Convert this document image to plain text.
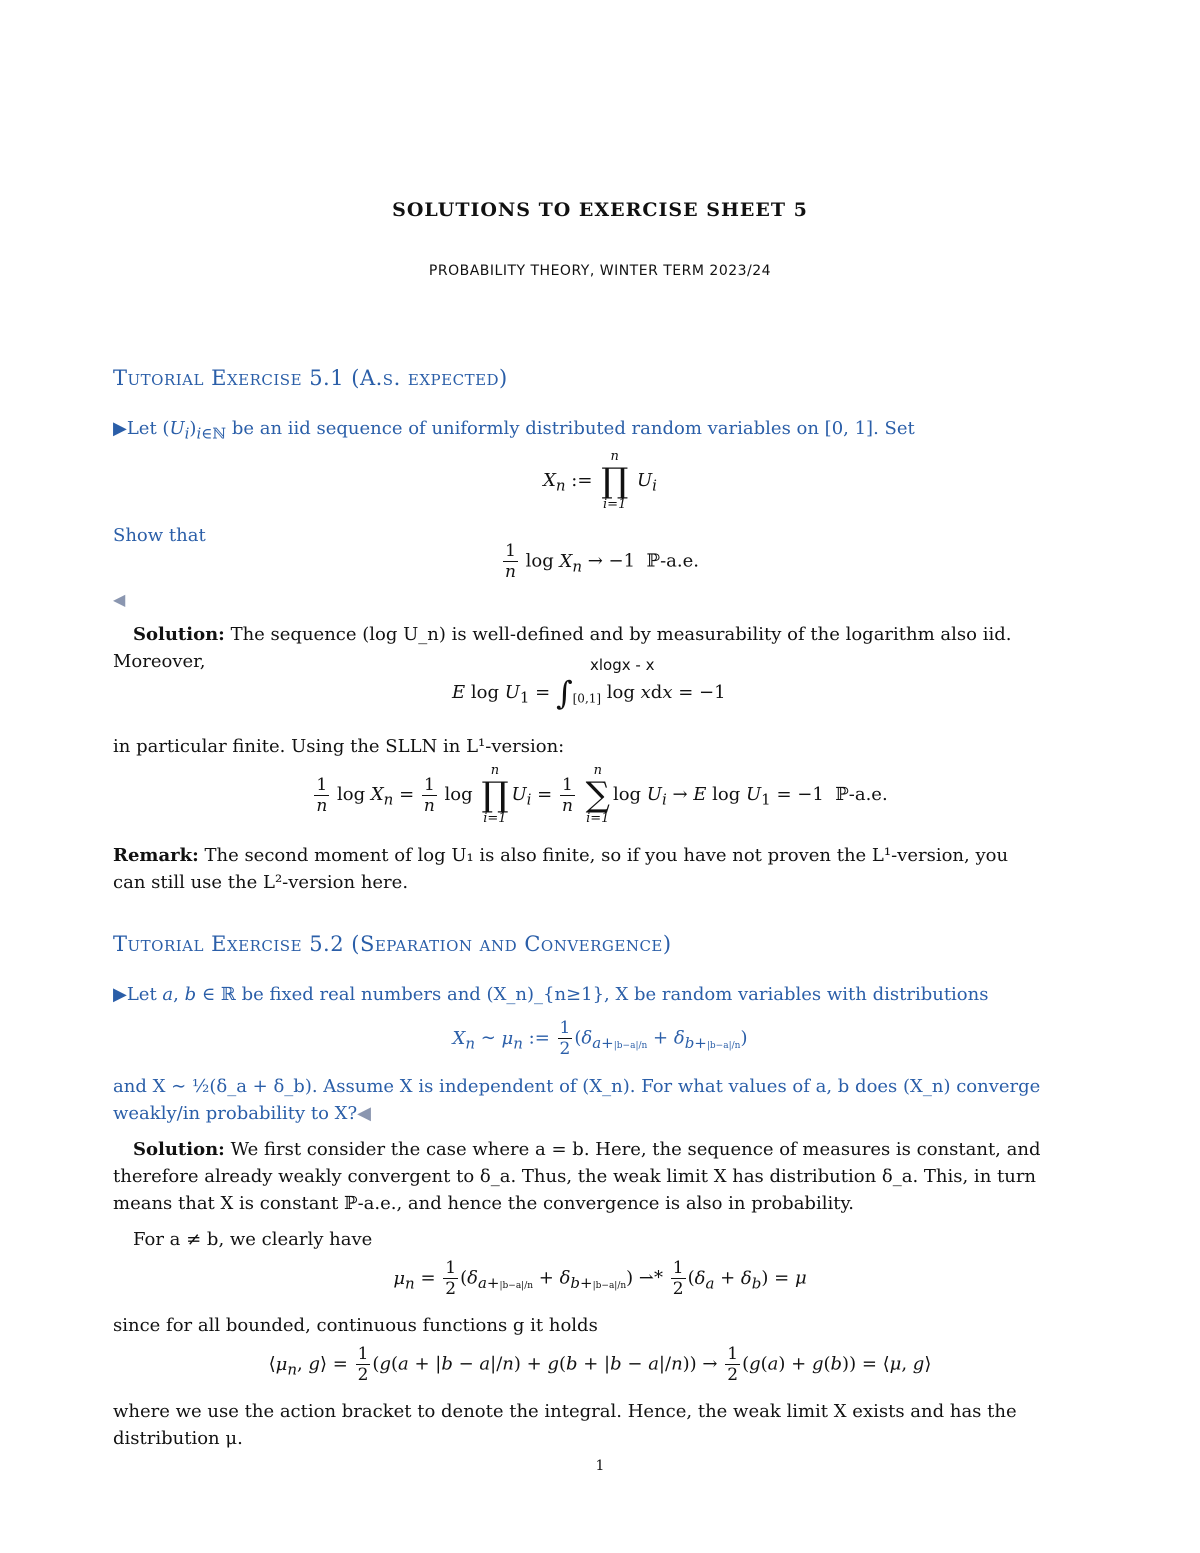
SOLUTIONS TO EXERCISE SHEET 5
PROBABILITY THEORY, WINTER TERM 2023/24
Tutorial Exercise 5.1 (A.s. expected)
▶Let $(U_i)_{i\in ℕ}$ be an iid sequence of uniformly distributed random variables on [0, 1]. Set
$X_n$ :=
n
∏
i=1
$U_i$
Show that
$\frac{1}{n}$ $\log X_n \to -1$  ℙ-a.e.
◀
Solution: The sequence (log U_n) is well-defined and by measurability of the logarithm also iid.
Moreover,	xlogx - x
E $\log U_1 = \int_{[0,1]}$ log xdx = −1
in particular finite. Using the SLLN in L¹-version:
$\frac{1}{n}$ $\log X_n = \frac{1}{n}$ log
n
∏
i=1
$U_i = \frac{1}{n}$

n
∑
i=1
$\log U_i \to E$ $\log U_1 = -1$  ℙ-a.e.
Remark: The second moment of log U₁ is also finite, so if you have not proven the L¹-version, you
can still use the L²-version here.
Tutorial Exercise 5.2 (Separation and Convergence)
▶Let a, b ∈ ℝ be fixed real numbers and (X_n)_{n≥1}, X be random variables with distributions
$X_n$ ∼ $\mu_n$ := $\frac{1}{2} (\delta_{a+|b-a|/n} + \delta_{b+|b-a|/n})$
and X ∼ ½(δ_a + δ_b). Assume X is independent of (X_n). For what values of a, b does (X_n) converge
weakly/in probability to X?◀
Solution: We first consider the case where a = b. Here, the sequence of measures is constant, and
therefore already weakly convergent to δ_a. Thus, the weak limit X has distribution δ_a. This, in turn
means that X is constant ℙ-a.e., and hence the convergence is also in probability.
For a ≠ b, we clearly have
$\mu_n = \frac{1}{2} (\delta_{a+|b-a|/n} + \delta_{b+|b-a|/n})$ ⇀* $\frac{1}{2} (\delta_a + \delta_b) = \mu$
since for all bounded, continuous functions g it holds
$⟨\mu_n$, g⟩ = $\frac{1}{2} (g(a + |b - a|/n) + g(b + |b - a|/n)) \to \frac{1}{2} (g(a) + g(b))$ = ⟨μ, g⟩
where we use the action bracket to denote the integral. Hence, the weak limit X exists and has the
distribution μ.
1
